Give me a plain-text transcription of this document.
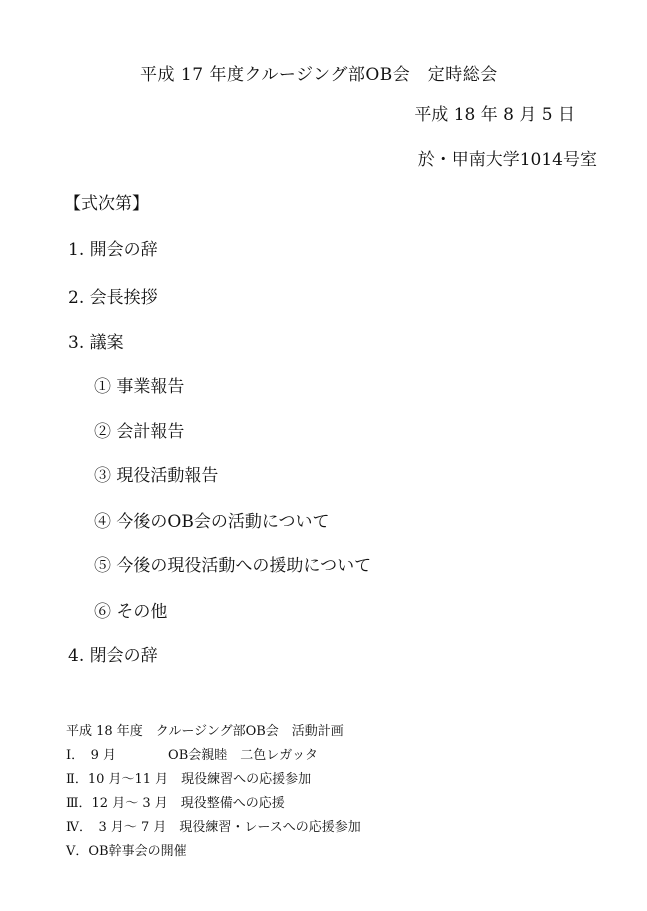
平成 17 年度クルージング部OB会　定時総会
平成 18 年 8 月 5 日
於・甲南大学1014号室
【式次第】
1. 開会の辞
2. 会長挨拶
3. 議案
① 事業報告
② 会計報告
③ 現役活動報告
④ 今後のOB会の活動について
⑤ 今後の現役活動への援助について
⑥ その他
4. 閉会の辞
平成 18 年度　クルージング部OB会　活動計画
Ⅰ．　9 月　　　　OB会親睦　二色レガッタ
Ⅱ．10 月～11 月　現役練習への応援参加
Ⅲ．12 月～ 3 月　現役整備への応援
Ⅳ．　3 月～ 7 月　現役練習・レースへの応援参加
Ⅴ．OB幹事会の開催
